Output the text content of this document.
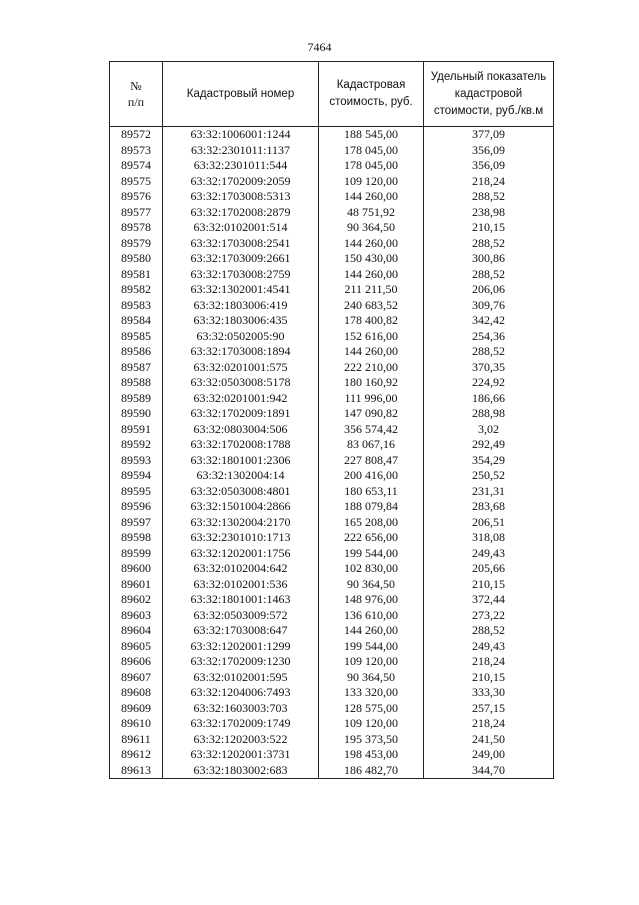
7464
№
п/п	Кадастровый номер	Кадастровая стоимость, руб.	Удельный показатель кадастровой стоимости, руб./кв.м
89572	63:32:1006001:1244	188 545,00	377,09
89573	63:32:2301011:1137	178 045,00	356,09
89574	63:32:2301011:544	178 045,00	356,09
89575	63:32:1702009:2059	109 120,00	218,24
89576	63:32:1703008:5313	144 260,00	288,52
89577	63:32:1702008:2879	48 751,92	238,98
89578	63:32:0102001:514	90 364,50	210,15
89579	63:32:1703008:2541	144 260,00	288,52
89580	63:32:1703009:2661	150 430,00	300,86
89581	63:32:1703008:2759	144 260,00	288,52
89582	63:32:1302001:4541	211 211,50	206,06
89583	63:32:1803006:419	240 683,52	309,76
89584	63:32:1803006:435	178 400,82	342,42
89585	63:32:0502005:90	152 616,00	254,36
89586	63:32:1703008:1894	144 260,00	288,52
89587	63:32:0201001:575	222 210,00	370,35
89588	63:32:0503008:5178	180 160,92	224,92
89589	63:32:0201001:942	111 996,00	186,66
89590	63:32:1702009:1891	147 090,82	288,98
89591	63:32:0803004:506	356 574,42	3,02
89592	63:32:1702008:1788	83 067,16	292,49
89593	63:32:1801001:2306	227 808,47	354,29
89594	63:32:1302004:14	200 416,00	250,52
89595	63:32:0503008:4801	180 653,11	231,31
89596	63:32:1501004:2866	188 079,84	283,68
89597	63:32:1302004:2170	165 208,00	206,51
89598	63:32:2301010:1713	222 656,00	318,08
89599	63:32:1202001:1756	199 544,00	249,43
89600	63:32:0102004:642	102 830,00	205,66
89601	63:32:0102001:536	90 364,50	210,15
89602	63:32:1801001:1463	148 976,00	372,44
89603	63:32:0503009:572	136 610,00	273,22
89604	63:32:1703008:647	144 260,00	288,52
89605	63:32:1202001:1299	199 544,00	249,43
89606	63:32:1702009:1230	109 120,00	218,24
89607	63:32:0102001:595	90 364,50	210,15
89608	63:32:1204006:7493	133 320,00	333,30
89609	63:32:1603003:703	128 575,00	257,15
89610	63:32:1702009:1749	109 120,00	218,24
89611	63:32:1202003:522	195 373,50	241,50
89612	63:32:1202001:3731	198 453,00	249,00
89613	63:32:1803002:683	186 482,70	344,70
